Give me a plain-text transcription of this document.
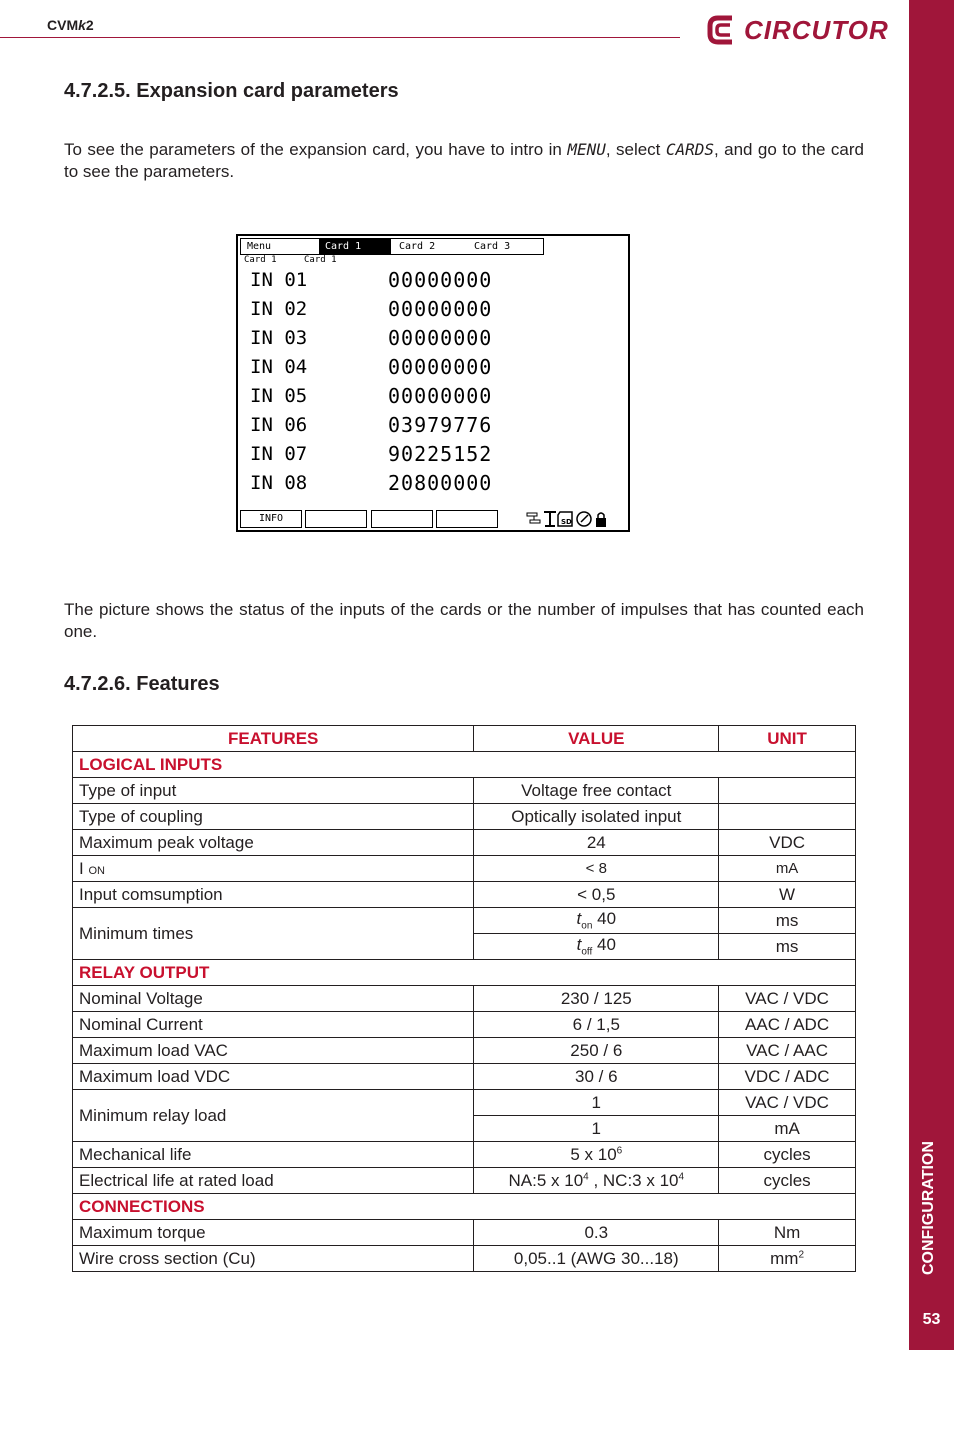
CVMk2	CIRCUTOR
CONFIGURATION
53
4.7.2.5. Expansion card parameters

To see the parameters of the expansion card, you have to intro in MENU, select CARDS, and go to the card to see the parameters.

Menu	Card 1	Card 2	Card 3
Card 1	Card 1
IN 01	00000000
IN 02	00000000
IN 03	00000000
IN 04	00000000
IN 05	00000000
IN 06	03979776
IN 07	90225152
IN 08	20800000
INFO	SD

The picture shows the status of the inputs of the cards or the number of impulses that has counted each one.

4.7.2.6. Features
FEATURES	VALUE	UNIT
LOGICAL INPUTS		
Type of input	Voltage free contact	
Type of coupling	Optically isolated input	
Maximum peak voltage	24	VDC
I ON	< 8	mA
Input comsumption	< 0,5	W
Minimum times	$t_{on}$ 40	ms
	$t_{off}$ 40	ms
RELAY OUTPUT		
Nominal Voltage	230 / 125	VAC / VDC
Nominal Current	6 / 1,5	AAC / ADC
Maximum load VAC	250 / 6	VAC / AAC
Maximum load VDC	30 / 6	VDC / ADC
Minimum relay load	1	VAC / VDC
	1	mA
Mechanical life	5 x $10^6$	cycles
Electrical life at rated load	NA:5 x $10^4$ , NC:3 x $10^4$	cycles
CONNECTIONS		
Maximum torque	0.3	Nm
Wire cross section (Cu)	0,05..1 (AWG 30...18)	$mm^2$
